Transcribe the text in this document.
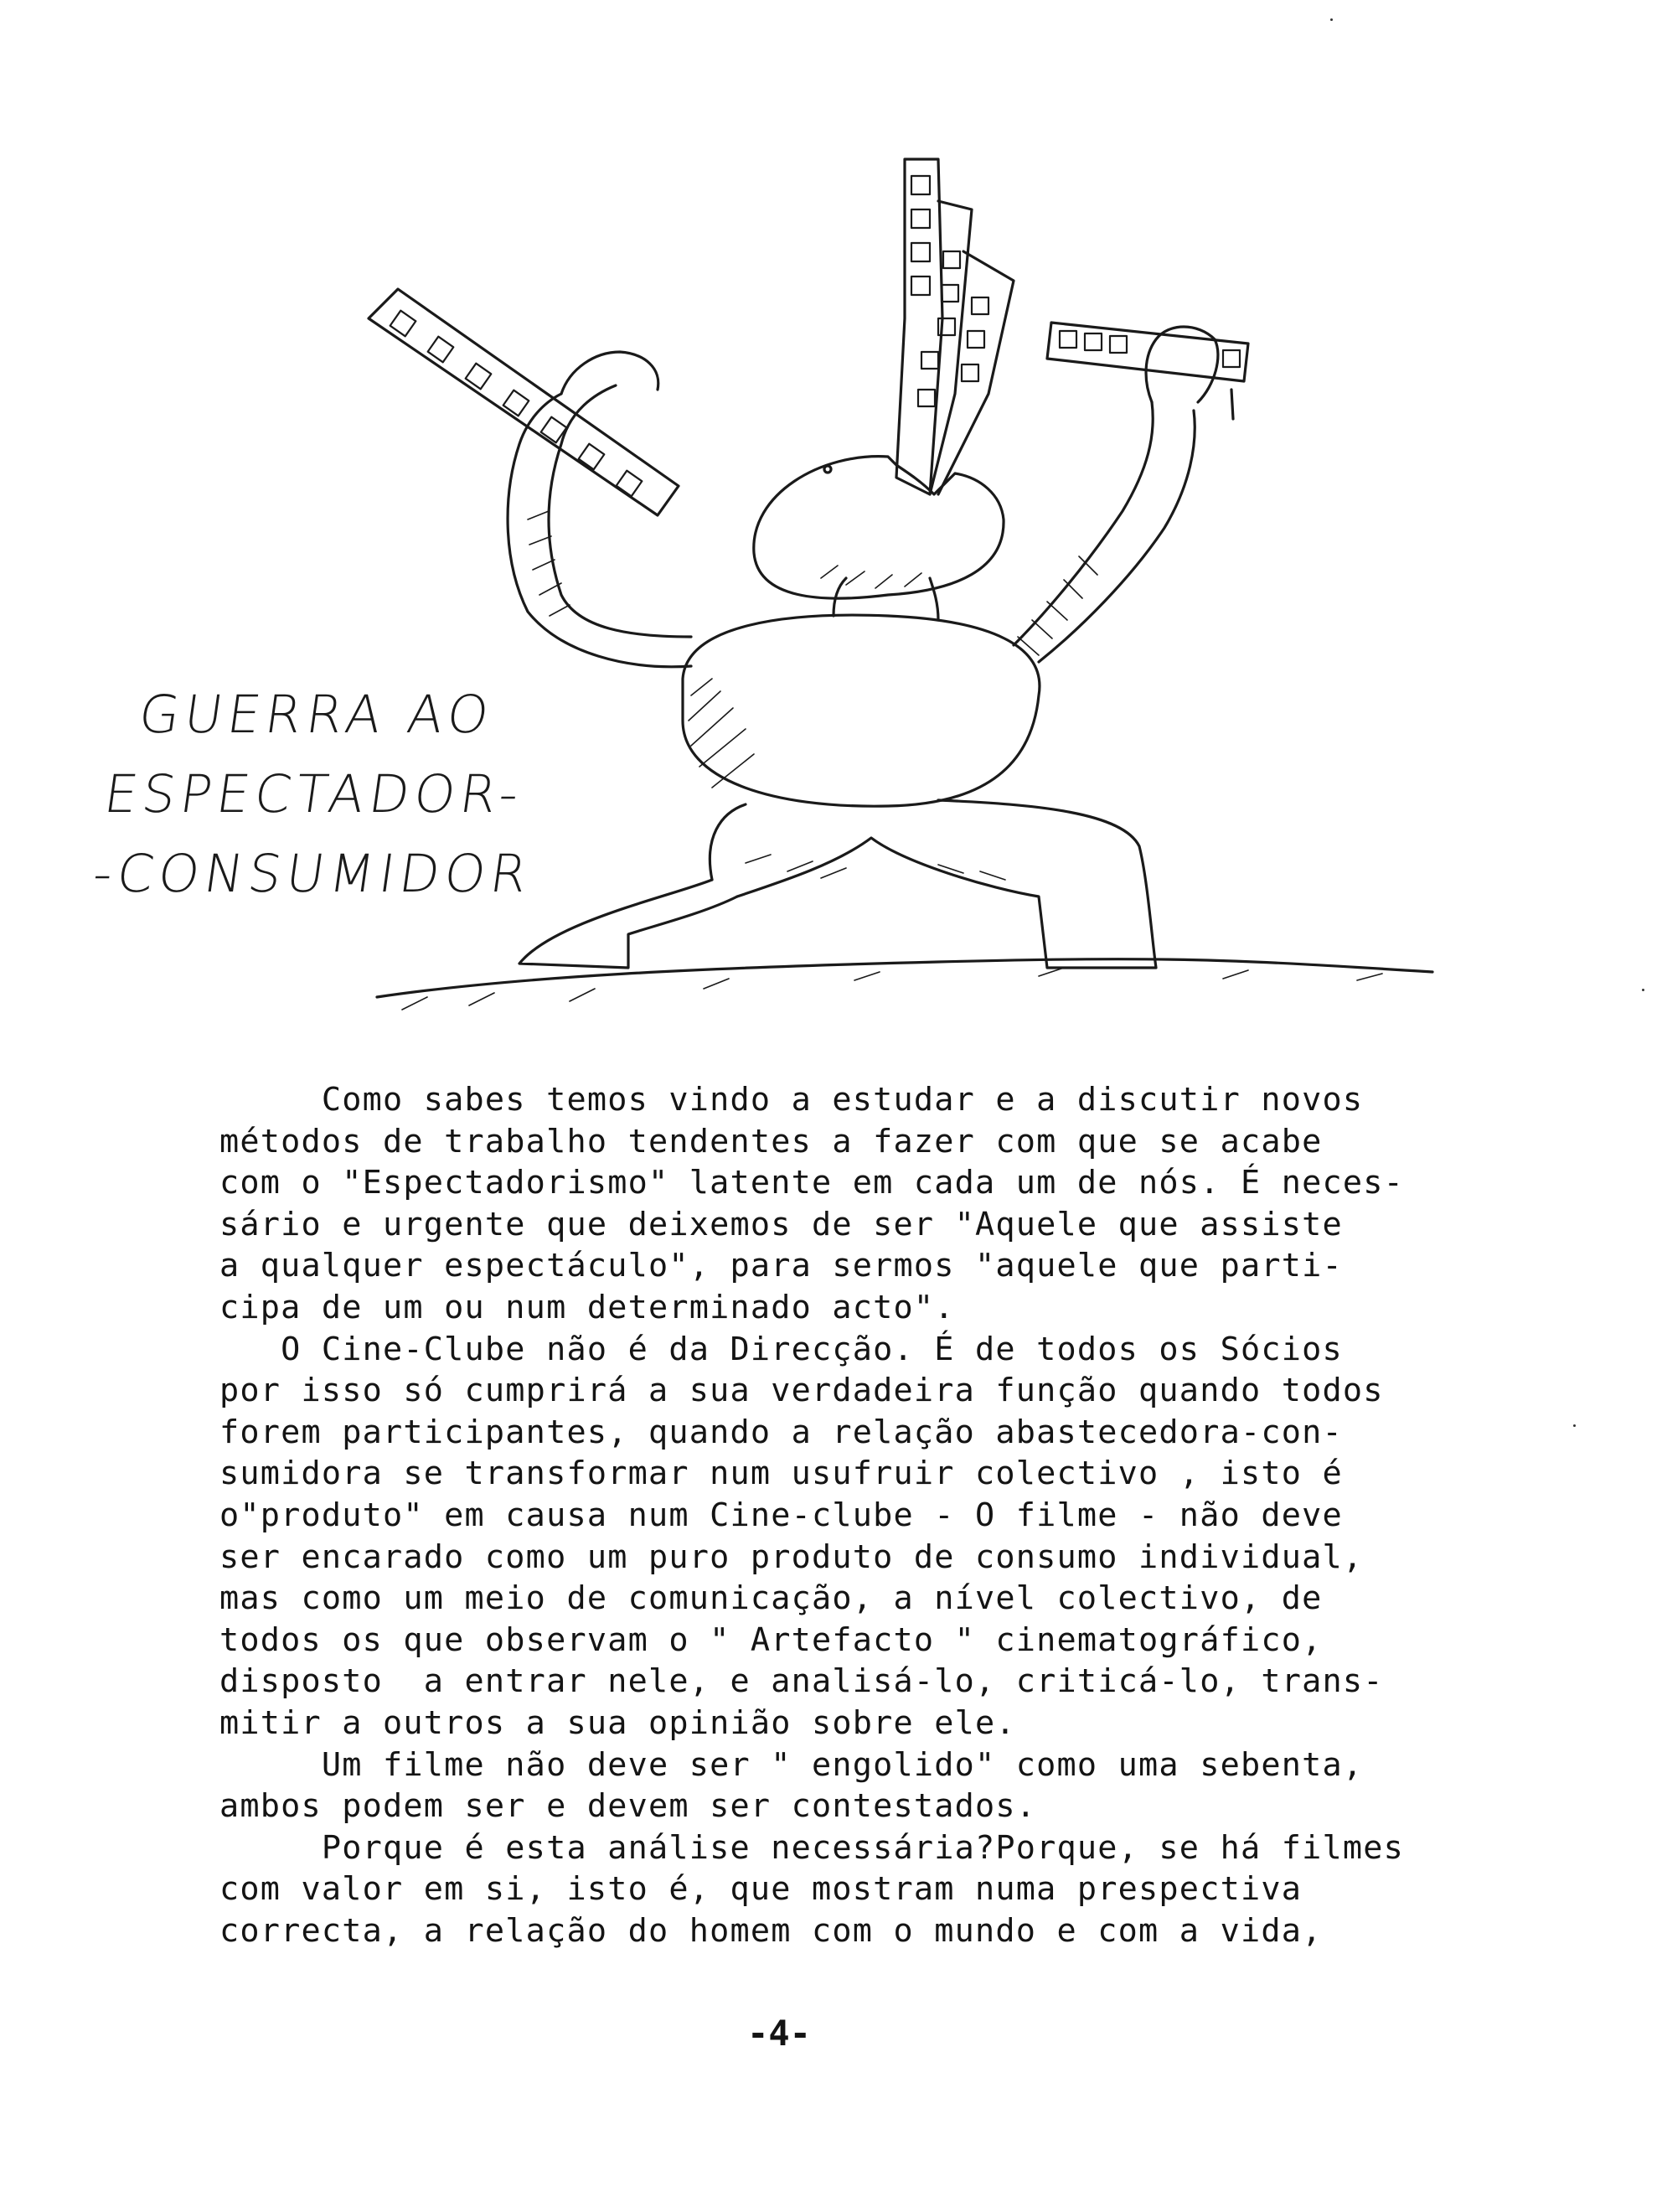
GUERRA AO
ESPECTADOR-
-CONSUMIDOR
Como sabes temos vindo a estudar e a discutir novos
métodos de trabalho tendentes a fazer com que se acabe
com o "Espectadorismo" latente em cada um de nós. É neces-
sário e urgente que deixemos de ser "Aquele que assiste
a qualquer espectáculo", para sermos "aquele que parti-
cipa de um ou num determinado acto".
O Cine-Clube não é da Direcção. É de todos os Sócios
por isso só cumprirá a sua verdadeira função quando todos
forem participantes, quando a relação abastecedora-con-
sumidora se transformar num usufruir colectivo , isto é
o"produto" em causa num Cine-clube - O filme - não deve
ser encarado como um puro produto de consumo individual,
mas como um meio de comunicação, a nível colectivo, de
todos os que observam o " Artefacto " cinematográfico,
disposto  a entrar nele, e analisá-lo, criticá-lo, trans-
mitir a outros a sua opinião sobre ele.
Um filme não deve ser " engolido" como uma sebenta,
ambos podem ser e devem ser contestados.
Porque é esta análise necessária?Porque, se há filmes
com valor em si, isto é, que mostram numa prespectiva
correcta, a relação do homem com o mundo e com a vida,
-4-
